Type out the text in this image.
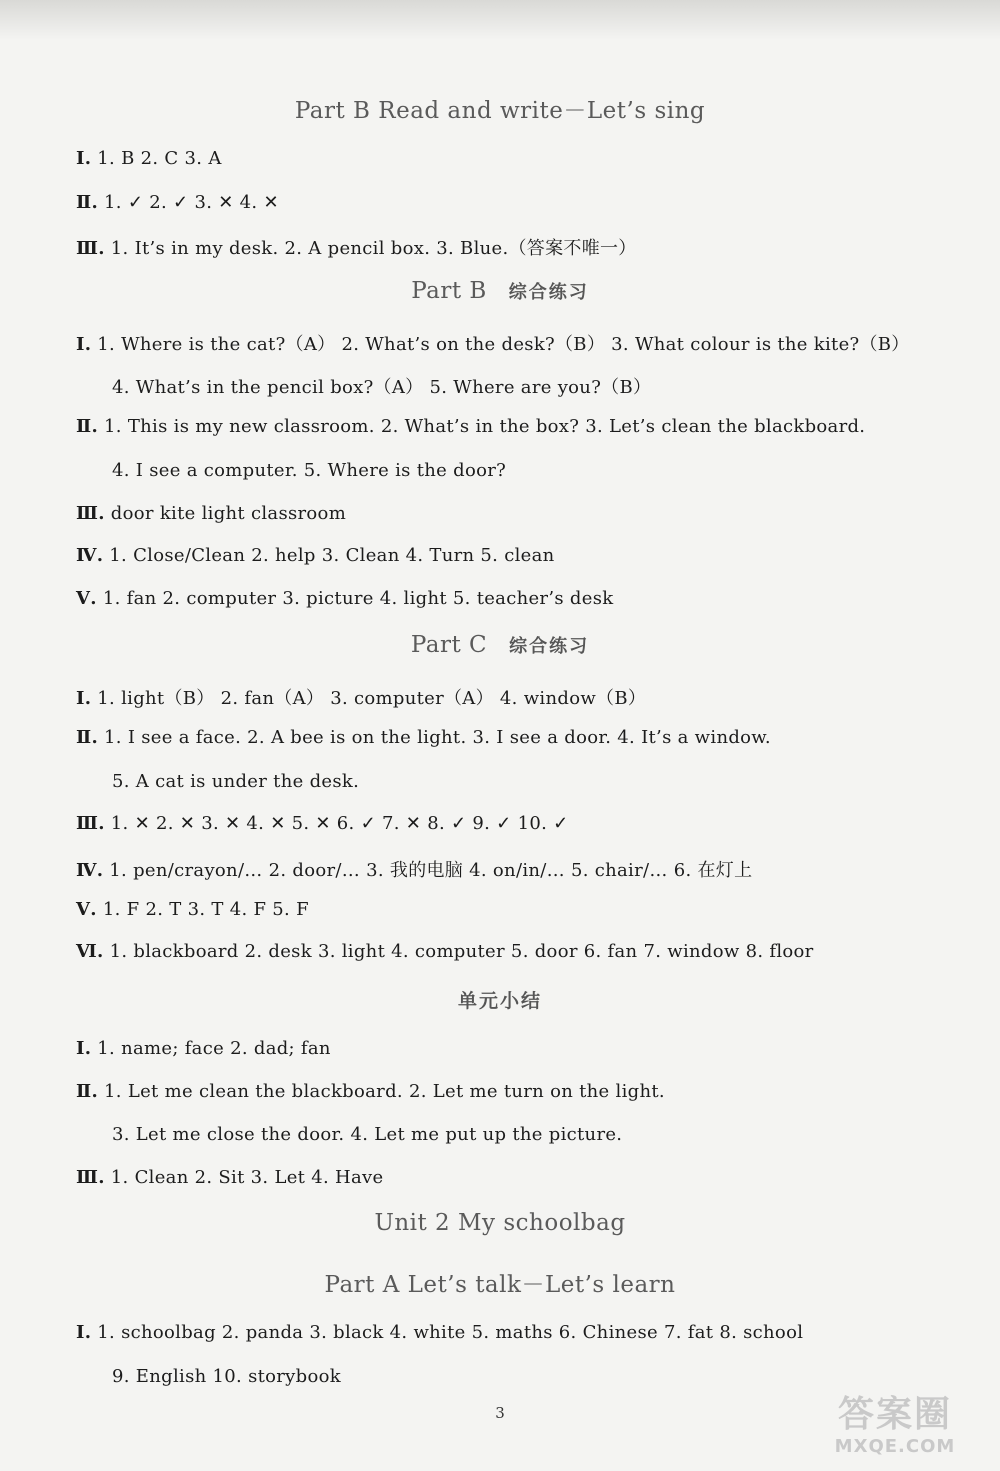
Part B Read and write－Let’s sing
Ⅰ. 1. B 2. C 3. A
Ⅱ. 1. ✓ 2. ✓ 3. ✕ 4. ✕
Ⅲ. 1. It’s in my desk. 2. A pencil box. 3. Blue.（答案不唯一）
Part B 综合练习
Ⅰ. 1. Where is the cat?（A） 2. What’s on the desk?（B） 3. What colour is the kite?（B）
4. What’s in the pencil box?（A） 5. Where are you?（B）
Ⅱ. 1. This is my new classroom. 2. What’s in the box? 3. Let’s clean the blackboard.
4. I see a computer. 5. Where is the door?
Ⅲ. door kite light classroom
Ⅳ. 1. Close/Clean 2. help 3. Clean 4. Turn 5. clean
Ⅴ. 1. fan 2. computer 3. picture 4. light 5. teacher’s desk
Part C 综合练习
Ⅰ. 1. light（B） 2. fan（A） 3. computer（A） 4. window（B）
Ⅱ. 1. I see a face. 2. A bee is on the light. 3. I see a door. 4. It’s a window.
5. A cat is under the desk.
Ⅲ. 1. ✕ 2. ✕ 3. ✕ 4. ✕ 5. ✕ 6. ✓ 7. ✕ 8. ✓ 9. ✓ 10. ✓
Ⅳ. 1. pen/crayon/… 2. door/… 3. 我的电脑 4. on/in/… 5. chair/… 6. 在灯上
Ⅴ. 1. F 2. T 3. T 4. F 5. F
Ⅵ. 1. blackboard 2. desk 3. light 4. computer 5. door 6. fan 7. window 8. floor
单元小结
Ⅰ. 1. name; face 2. dad; fan
Ⅱ. 1. Let me clean the blackboard. 2. Let me turn on the light.
3. Let me close the door. 4. Let me put up the picture.
Ⅲ. 1. Clean 2. Sit 3. Let 4. Have
Unit 2 My schoolbag
Part A Let’s talk－Let’s learn
Ⅰ. 1. schoolbag 2. panda 3. black 4. white 5. maths 6. Chinese 7. fat 8. school
9. English 10. storybook
3	答案圈
MXQE.COM
